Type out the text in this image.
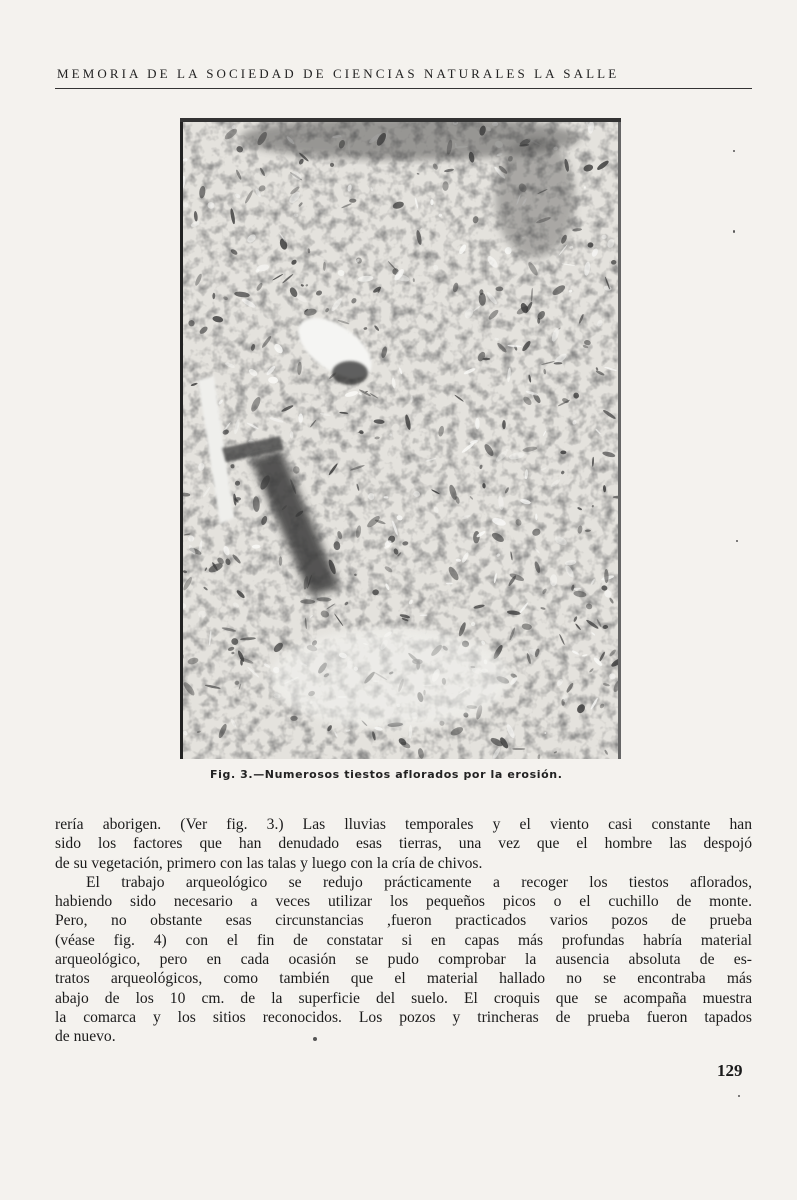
MEMORIA DE LA SOCIEDAD DE CIENCIAS NATURALES LA SALLE
Fig. 3.—Numerosos tiestos aflorados por la erosión.
rería aborigen. (Ver fig. 3.) Las lluvias temporales y el viento casi constante han
sido los factores que han denudado esas tierras, una vez que el hombre las despojó
de su vegetación, primero con las talas y luego con la cría de chivos.
El trabajo arqueológico se redujo prácticamente a recoger los tiestos aflorados,
habiendo sido necesario a veces utilizar los pequeños picos o el cuchillo de monte.
Pero, no obstante esas circunstancias ,fueron practicados varios pozos de prueba
(véase fig. 4) con el fin de constatar si en capas más profundas habría material
arqueológico, pero en cada ocasión se pudo comprobar la ausencia absoluta de es-
tratos arqueológicos, como también que el material hallado no se encontraba más
abajo de los 10 cm. de la superficie del suelo. El croquis que se acompaña muestra
la comarca y los sitios reconocidos. Los pozos y trincheras de prueba fueron tapados
de nuevo.
129
